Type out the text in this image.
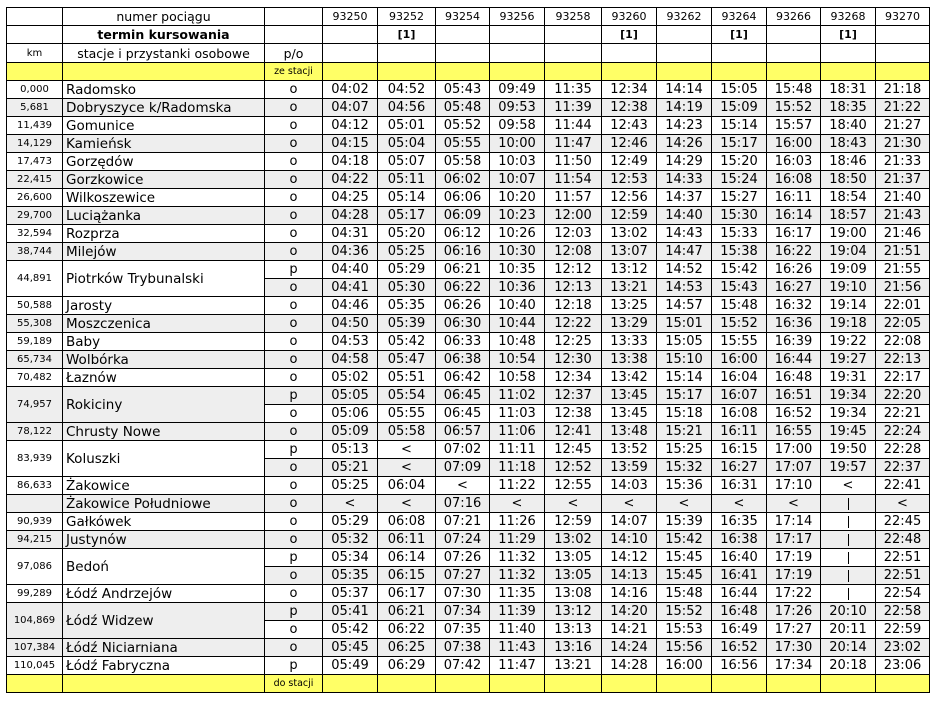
	numer pociągu		93250	93252	93254	93256	93258	93260	93262	93264	93266	93268	93270
	termin kursowania			[1]				[1]		[1]		[1]	
km	stacje i przystanki osobowe	p/o											
		ze stacji											
0,000	Radomsko	o	04:02	04:52	05:43	09:49	11:35	12:34	14:14	15:05	15:48	18:31	21:18
5,681	Dobryszyce k/Radomska	o	04:07	04:56	05:48	09:53	11:39	12:38	14:19	15:09	15:52	18:35	21:22
11,439	Gomunice	o	04:12	05:01	05:52	09:58	11:44	12:43	14:23	15:14	15:57	18:40	21:27
14,129	Kamieńsk	o	04:15	05:04	05:55	10:00	11:47	12:46	14:26	15:17	16:00	18:43	21:30
17,473	Gorzędów	o	04:18	05:07	05:58	10:03	11:50	12:49	14:29	15:20	16:03	18:46	21:33
22,415	Gorzkowice	o	04:22	05:11	06:02	10:07	11:54	12:53	14:33	15:24	16:08	18:50	21:37
26,600	Wilkoszewice	o	04:25	05:14	06:06	10:20	11:57	12:56	14:37	15:27	16:11	18:54	21:40
29,700	Luciążanka	o	04:28	05:17	06:09	10:23	12:00	12:59	14:40	15:30	16:14	18:57	21:43
32,594	Rozprza	o	04:31	05:20	06:12	10:26	12:03	13:02	14:43	15:33	16:17	19:00	21:46
38,744	Milejów	o	04:36	05:25	06:16	10:30	12:08	13:07	14:47	15:38	16:22	19:04	21:51
44,891	Piotrków Trybunalski	p	04:40	05:29	06:21	10:35	12:12	13:12	14:52	15:42	16:26	19:09	21:55
		o	04:41	05:30	06:22	10:36	12:13	13:21	14:53	15:43	16:27	19:10	21:56
50,588	Jarosty	o	04:46	05:35	06:26	10:40	12:18	13:25	14:57	15:48	16:32	19:14	22:01
55,308	Moszczenica	o	04:50	05:39	06:30	10:44	12:22	13:29	15:01	15:52	16:36	19:18	22:05
59,189	Baby	o	04:53	05:42	06:33	10:48	12:25	13:33	15:05	15:55	16:39	19:22	22:08
65,734	Wolbórka	o	04:58	05:47	06:38	10:54	12:30	13:38	15:10	16:00	16:44	19:27	22:13
70,482	Łaznów	o	05:02	05:51	06:42	10:58	12:34	13:42	15:14	16:04	16:48	19:31	22:17
74,957	Rokiciny	p	05:05	05:54	06:45	11:02	12:37	13:45	15:17	16:07	16:51	19:34	22:20
		o	05:06	05:55	06:45	11:03	12:38	13:45	15:18	16:08	16:52	19:34	22:21
78,122	Chrusty Nowe	o	05:09	05:58	06:57	11:06	12:41	13:48	15:21	16:11	16:55	19:45	22:24
83,939	Koluszki	p	05:13	<	07:02	11:11	12:45	13:52	15:25	16:15	17:00	19:50	22:28
		o	05:21	<	07:09	11:18	12:52	13:59	15:32	16:27	17:07	19:57	22:37
86,633	Żakowice	o	05:25	06:04	<	11:22	12:55	14:03	15:36	16:31	17:10	<	22:41
	Żakowice Południowe	o	<	<	07:16	<	<	<	<	<	<		<
90,939	Gałkówek	o	05:29	06:08	07:21	11:26	12:59	14:07	15:39	16:35	17:14		22:45
94,215	Justynów	o	05:32	06:11	07:24	11:29	13:02	14:10	15:42	16:38	17:17		22:48
97,086	Bedoń	p	05:34	06:14	07:26	11:32	13:05	14:12	15:45	16:40	17:19		22:51
		o	05:35	06:15	07:27	11:32	13:05	14:13	15:45	16:41	17:19		22:51
99,289	Łódź Andrzejów	o	05:37	06:17	07:30	11:35	13:08	14:16	15:48	16:44	17:22		22:54
104,869	Łódź Widzew	p	05:41	06:21	07:34	11:39	13:12	14:20	15:52	16:48	17:26	20:10	22:58
		o	05:42	06:22	07:35	11:40	13:13	14:21	15:53	16:49	17:27	20:11	22:59
107,384	Łódź Niciarniana	o	05:45	06:25	07:38	11:43	13:16	14:24	15:56	16:52	17:30	20:14	23:02
110,045	Łódź Fabryczna	p	05:49	06:29	07:42	11:47	13:21	14:28	16:00	16:56	17:34	20:18	23:06
		do stacji											
